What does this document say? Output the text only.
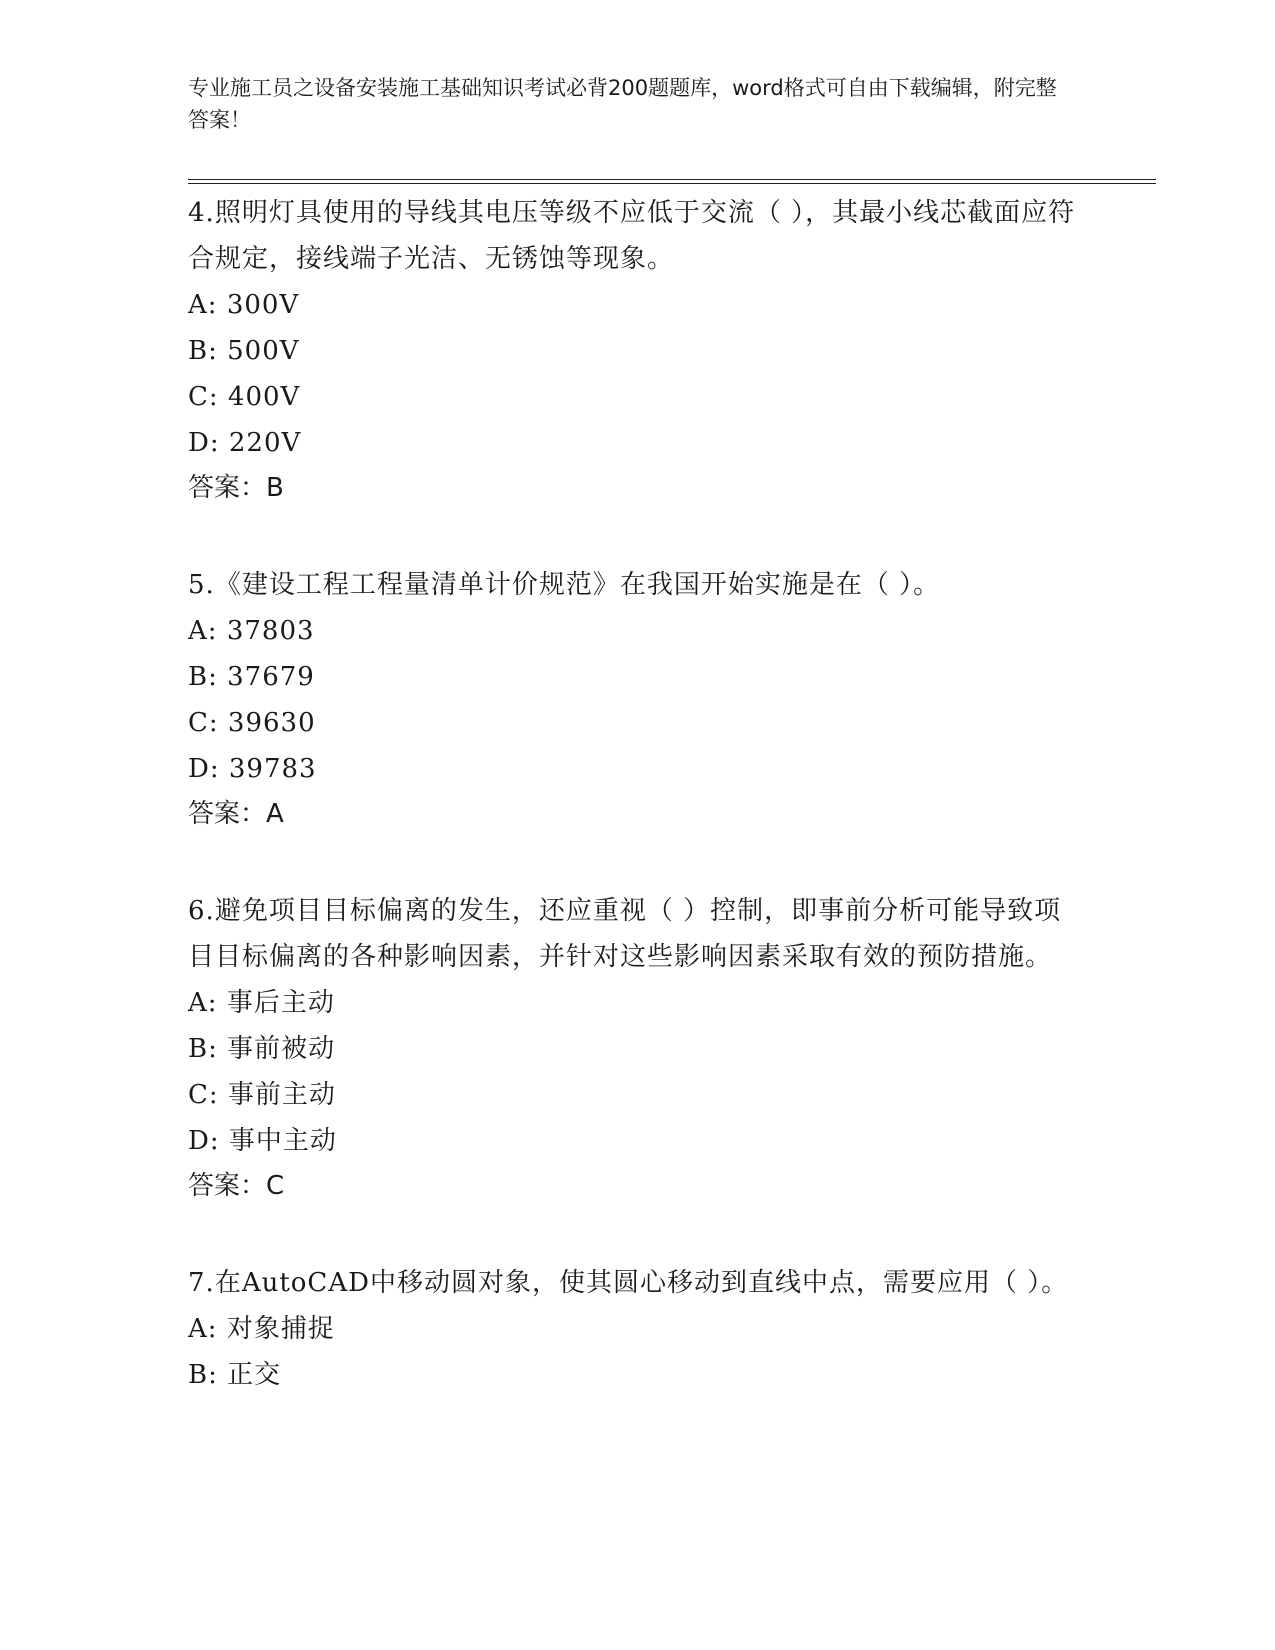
专业施工员之设备安装施工基础知识考试必背200题题库，word格式可自由下载编辑，附完整答案！
4.照明灯具使用的导线其电压等级不应低于交流（ ），其最小线芯截面应符合规定，接线端子光洁、无锈蚀等现象。
A: 300V
B: 500V
C: 400V
D: 220V
答案：B
5.《建设工程工程量清单计价规范》在我国开始实施是在（ ）。
A: 37803
B: 37679
C: 39630
D: 39783
答案：A
6.避免项目目标偏离的发生，还应重视（ ）控制，即事前分析可能导致项目目标偏离的各种影响因素，并针对这些影响因素采取有效的预防措施。
A: 事后主动
B: 事前被动
C: 事前主动
D: 事中主动
答案：C
7.在AutoCAD中移动圆对象，使其圆心移动到直线中点，需要应用（ ）。
A: 对象捕捉
B: 正交
